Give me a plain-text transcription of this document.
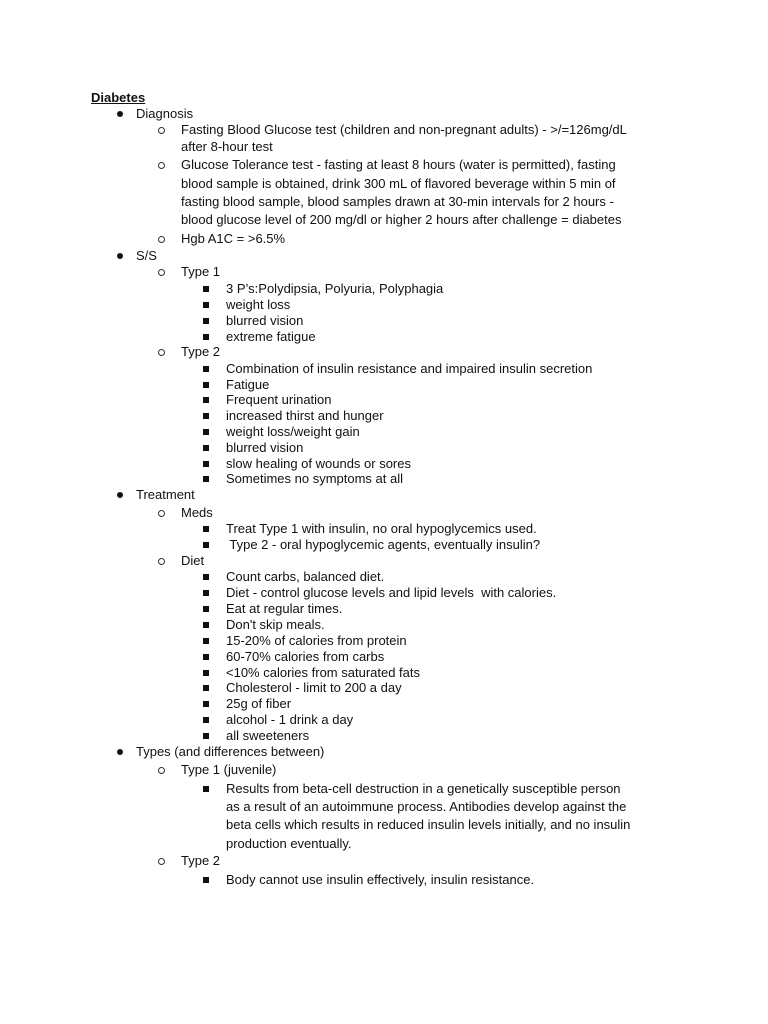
Diabetes
Diagnosis
Fasting Blood Glucose test (children and non-pregnant adults) - >/=126mg/dL
after 8-hour test
Glucose Tolerance test - fasting at least 8 hours (water is permitted), fasting
blood sample is obtained, drink 300 mL of flavored beverage within 5 min of
fasting blood sample, blood samples drawn at 30-min intervals for 2 hours -
blood glucose level of 200 mg/dl or higher 2 hours after challenge = diabetes
Hgb A1C = >6.5%
S/S
Type 1
3 P’s:Polydipsia, Polyuria, Polyphagia
weight loss
blurred vision
extreme fatigue
Type 2
Combination of insulin resistance and impaired insulin secretion
Fatigue
Frequent urination
increased thirst and hunger
weight loss/weight gain
blurred vision
slow healing of wounds or sores
Sometimes no symptoms at all
Treatment
Meds
Treat Type 1 with insulin, no oral hypoglycemics used.
Type 2 - oral hypoglycemic agents, eventually insulin?
Diet
Count carbs, balanced diet.
Diet - control glucose levels and lipid levels  with calories.
Eat at regular times.
Don't skip meals.
15-20% of calories from protein
60-70% calories from carbs
<10% calories from saturated fats
Cholesterol - limit to 200 a day
25g of fiber
alcohol - 1 drink a day
all sweeteners
Types (and differences between)
Type 1 (juvenile)
Results from beta-cell destruction in a genetically susceptible person
as a result of an autoimmune process. Antibodies develop against the
beta cells which results in reduced insulin levels initially, and no insulin
production eventually.
Type 2
Body cannot use insulin effectively, insulin resistance.
